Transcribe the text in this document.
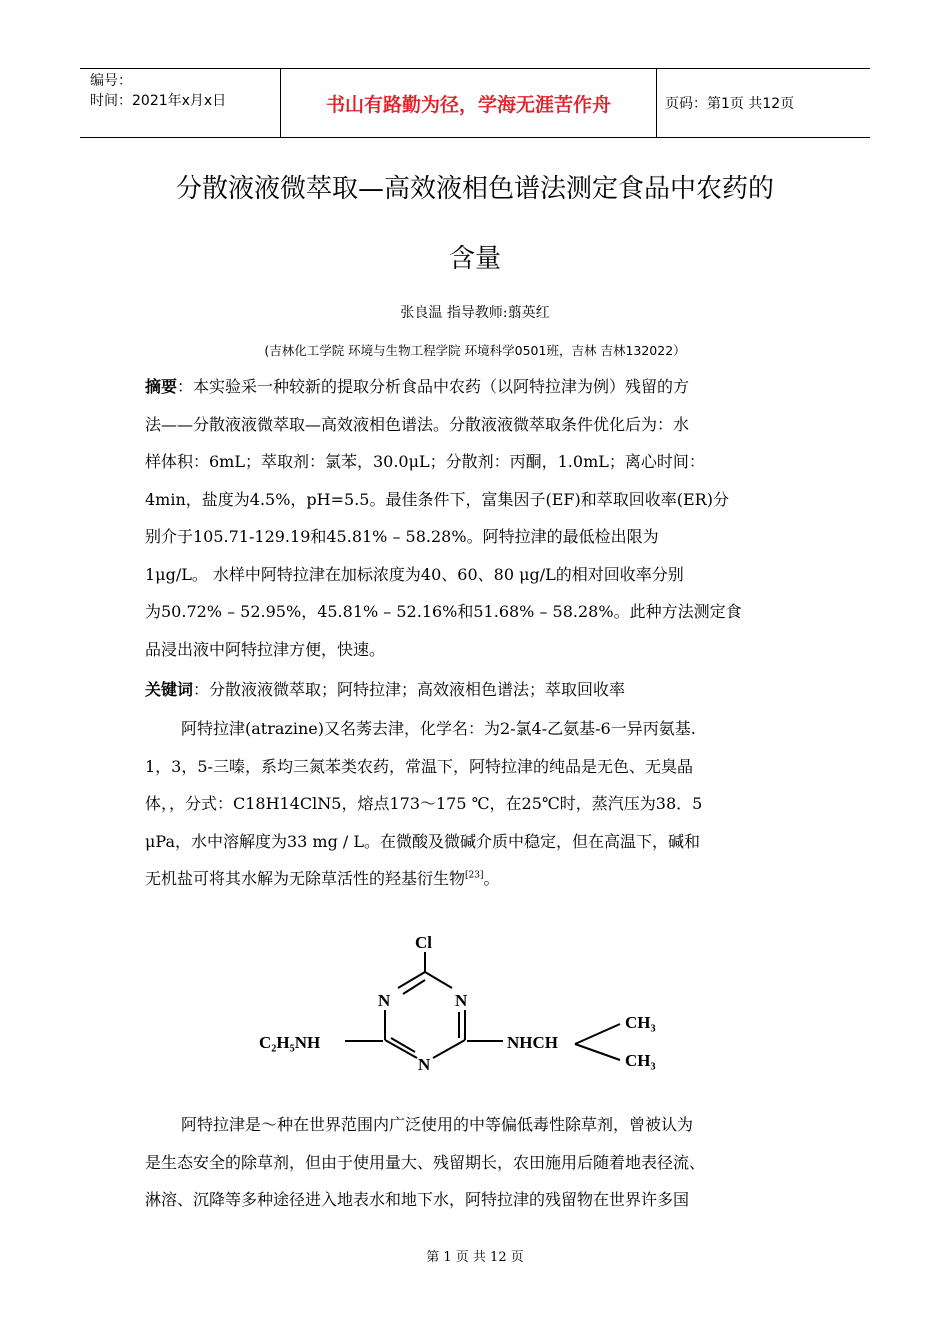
编号：
时间：2021年x月x日	书山有路勤为径，学海无涯苦作舟	页码：第1页 共12页
分散液液微萃取—高效液相色谱法测定食品中农药的
含量
张良温 指导教师:翦英红
(吉林化工学院 环境与生物工程学院 环境科学0501班，吉林 吉林132022）
摘要：本实验采一种较新的提取分析食品中农药（以阿特拉津为例）残留的方
法——分散液液微萃取—高效液相色谱法。分散液液微萃取条件优化后为：水
样体积：6mL；萃取剂：氯苯，30.0μL；分散剂：丙酮，1.0mL；离心时间：
4min，盐度为4.5%，pH=5.5。最佳条件下，富集因子(EF)和萃取回收率(ER)分
别介于105.71-129.19和45.81% – 58.28%。阿特拉津的最低检出限为
1μg/L。 水样中阿特拉津在加标浓度为40、60、80 μg/L的相对回收率分别
为50.72% – 52.95%，45.81% – 52.16%和51.68% – 58.28%。此种方法测定食
品浸出液中阿特拉津方便，快速。
关键词：分散液液微萃取；阿特拉津；高效液相色谱法；萃取回收率
阿特拉津(atrazine)又名莠去津，化学名：为2-氯4-乙氨基-6一异丙氨基.
1，3，5-三嗪，系均三氮苯类农药，常温下，阿特拉津的纯品是无色、无臭晶
体，，分式：C18H14ClN5，熔点173～175 ℃，在25℃时，蒸汽压为38．5
μPa，水中溶解度为33 mg / L。在微酸及微碱介质中稳定，但在高温下，碱和
无机盐可将其水解为无除草活性的羟基衍生物[23]。
Cl
N	N
N
C₂H₅NH	NHCH
CH₃
CH₃
阿特拉津是～种在世界范围内广泛使用的中等偏低毒性除草剂，曾被认为
是生态安全的除草剂，但由于使用量大、残留期长，农田施用后随着地表径流、
淋溶、沉降等多种途径进入地表水和地下水，阿特拉津的残留物在世界许多国
第 1 页 共 12 页
